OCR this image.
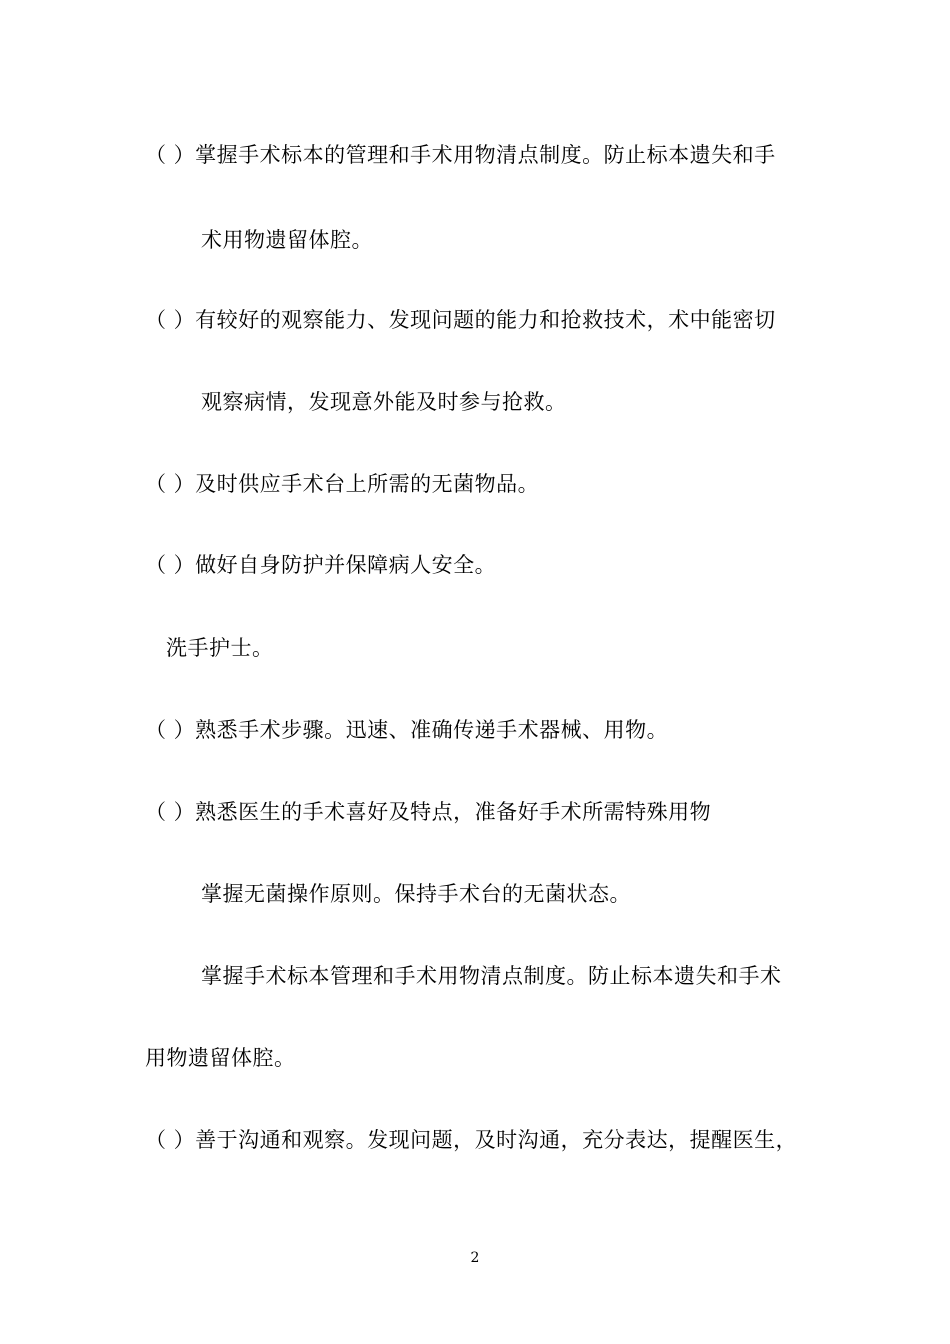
（ ）掌握手术标本的管理和手术用物清点制度。防止标本遗失和手
术用物遗留体腔。
（ ）有较好的观察能力、发现问题的能力和抢救技术，术中能密切
观察病情，发现意外能及时参与抢救。
（ ）及时供应手术台上所需的无菌物品。
（ ）做好自身防护并保障病人安全。
洗手护士。
（ ）熟悉手术步骤。迅速、准确传递手术器械、用物。
（ ）熟悉医生的手术喜好及特点，准备好手术所需特殊用物
掌握无菌操作原则。保持手术台的无菌状态。
掌握手术标本管理和手术用物清点制度。防止标本遗失和手术
用物遗留体腔。
（ ）善于沟通和观察。发现问题，及时沟通，充分表达，提醒医生，
2
